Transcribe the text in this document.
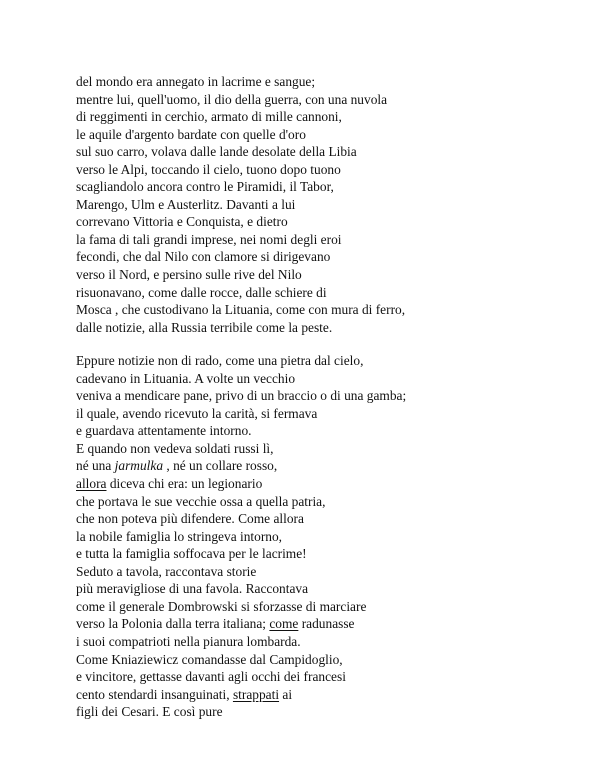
del mondo era annegato in lacrime e sangue;
mentre lui, quell'uomo, il dio della guerra, con una nuvola
di reggimenti in cerchio, armato di mille cannoni,
le aquile d'argento bardate con quelle d'oro
sul suo carro, volava dalle lande desolate della Libia
verso le Alpi, toccando il cielo, tuono dopo tuono
scagliandolo ancora contro le Piramidi, il Tabor,
Marengo, Ulm e Austerlitz. Davanti a lui
correvano Vittoria e Conquista, e dietro
la fama di tali grandi imprese, nei nomi degli eroi
fecondi, che dal Nilo con clamore si dirigevano
verso il Nord, e persino sulle rive del Nilo
risuonavano, come dalle rocce, dalle schiere di
Mosca , che custodivano la Lituania, come con mura di ferro,
dalle notizie, alla Russia terribile come la peste.
Eppure notizie non di rado, come una pietra dal cielo,
cadevano in Lituania. A volte un vecchio
veniva a mendicare pane, privo di un braccio o di una gamba;
il quale, avendo ricevuto la carità, si fermava
e guardava attentamente intorno.
E quando non vedeva soldati russi lì,
né una jarmulka , né un collare rosso,
allora diceva chi era: un legionario
che portava le sue vecchie ossa a quella patria,
che non poteva più difendere. Come allora
la nobile famiglia lo stringeva intorno,
e tutta la famiglia soffocava per le lacrime!
Seduto a tavola, raccontava storie
più meravigliose di una favola. Raccontava
come il generale Dombrowski si sforzasse di marciare
verso la Polonia dalla terra italiana; come radunasse
i suoi compatrioti nella pianura lombarda.
Come Kniaziewicz comandasse dal Campidoglio,
e vincitore, gettasse davanti agli occhi dei francesi
cento stendardi insanguinati, strappati ai
figli dei Cesari. E così pure
